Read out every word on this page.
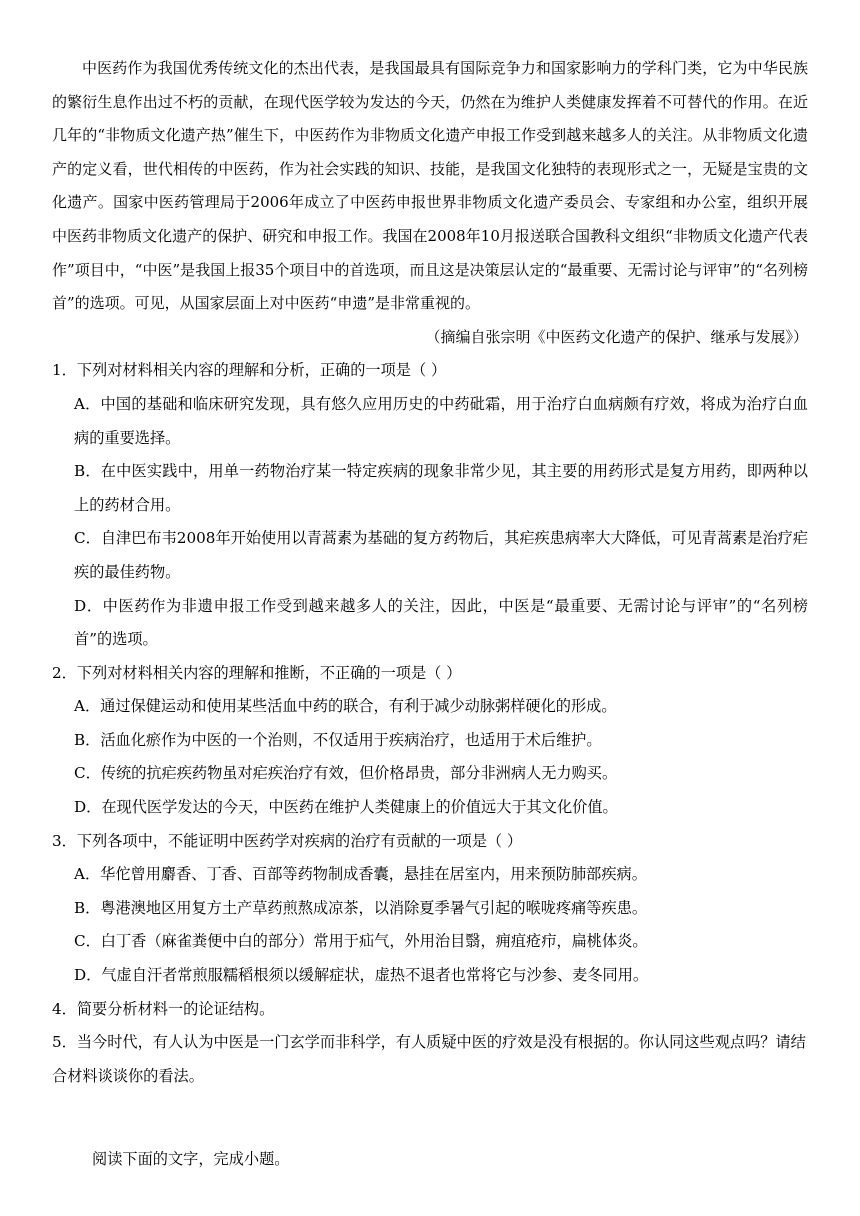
中医药作为我国优秀传统文化的杰出代表，是我国最具有国际竞争力和国家影响力的学科门类，它为中华民族的繁衍生息作出过不朽的贡献，在现代医学较为发达的今天，仍然在为维护人类健康发挥着不可替代的作用。在近几年的“非物质文化遗产热”催生下，中医药作为非物质文化遗产申报工作受到越来越多人的关注。从非物质文化遗产的定义看，世代相传的中医药，作为社会实践的知识、技能，是我国文化独特的表现形式之一，无疑是宝贵的文化遗产。国家中医药管理局于2006年成立了中医药申报世界非物质文化遗产委员会、专家组和办公室，组织开展中医药非物质文化遗产的保护、研究和申报工作。我国在2008年10月报送联合国教科文组织“非物质文化遗产代表作”项目中，“中医”是我国上报35个项目中的首选项，而且这是决策层认定的“最重要、无需讨论与评审”的“名列榜首”的选项。可见，从国家层面上对中医药“申遗”是非常重视的。

（摘编自张宗明《中医药文化遗产的保护、继承与发展》）
1．下列对材料相关内容的理解和分析，正确的一项是（ ）
A．中国的基础和临床研究发现，具有悠久应用历史的中药砒霜，用于治疗白血病颇有疗效，将成为治疗白血病的重要选择。
B．在中医实践中，用单一药物治疗某一特定疾病的现象非常少见，其主要的用药形式是复方用药，即两种以上的药材合用。
C．自津巴布韦2008年开始使用以青蒿素为基础的复方药物后，其疟疾患病率大大降低，可见青蒿素是治疗疟疾的最佳药物。
D．中医药作为非遗申报工作受到越来越多人的关注，因此，中医是“最重要、无需讨论与评审”的“名列榜首”的选项。
2．下列对材料相关内容的理解和推断，不正确的一项是（ ）
A．通过保健运动和使用某些活血中药的联合，有利于减少动脉粥样硬化的形成。
B．活血化瘀作为中医的一个治则，不仅适用于疾病治疗，也适用于术后维护。
C．传统的抗疟疾药物虽对疟疾治疗有效，但价格昂贵，部分非洲病人无力购买。
D．在现代医学发达的今天，中医药在维护人类健康上的价值远大于其文化价值。
3．下列各项中，不能证明中医药学对疾病的治疗有贡献的一项是（ ）
A．华佗曾用麝香、丁香、百部等药物制成香囊，悬挂在居室内，用来预防肺部疾病。
B．粤港澳地区用复方土产草药煎熬成凉茶，以消除夏季暑气引起的喉咙疼痛等疾患。
C．白丁香（麻雀粪便中白的部分）常用于疝气，外用治目翳，痈疽疮疖，扁桃体炎。
D．气虚自汗者常煎服糯稻根须以缓解症状，虚热不退者也常将它与沙参、麦冬同用。
4．简要分析材料一的论证结构。
5．当今时代，有人认为中医是一门玄学而非科学，有人质疑中医的疗效是没有根据的。你认同这些观点吗？请结合材料谈谈你的看法。
阅读下面的文字，完成小题。
